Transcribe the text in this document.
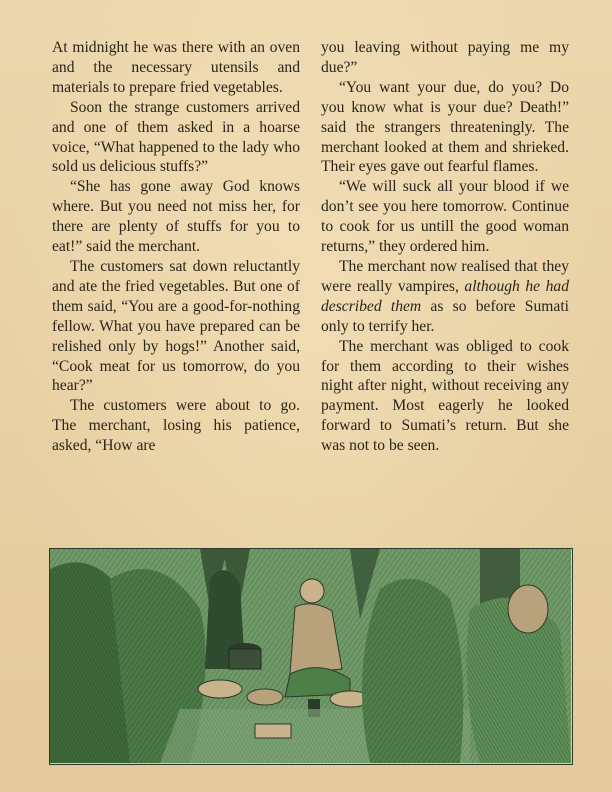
At midnight he was there with an oven and the necessary utensils and materials to prepare fried vegetables.

Soon the strange customers arrived and one of them asked in a hoarse voice, “What happened to the lady who sold us delicious stuffs?”

“She has gone away God knows where. But you need not miss her, for there are plenty of stuffs for you to eat!” said the merchant.

The customers sat down reluctantly and ate the fried vegetables. But one of them said, “You are a good-for-nothing fellow. What you have prepared can be relished only by hogs!” Another said, “Cook meat for us tomorrow, do you hear?”

The customers were about to go. The merchant, losing his patience, asked, “How are

you leaving without paying me my due?”

“You want your due, do you? Do you know what is your due? Death!” said the strangers threateningly. The merchant looked at them and shrieked. Their eyes gave out fearful flames.

“We will suck all your blood if we don’t see you here tomorrow. Continue to cook for us untill the good woman returns,” they ordered him.

The merchant now realised that they were really vampires, although he had described them as so before Sumati only to terrify her.

The merchant was obliged to cook for them according to their wishes night after night, without receiving any payment. Most eagerly he looked forward to Sumati’s return. But she was not to be seen.
